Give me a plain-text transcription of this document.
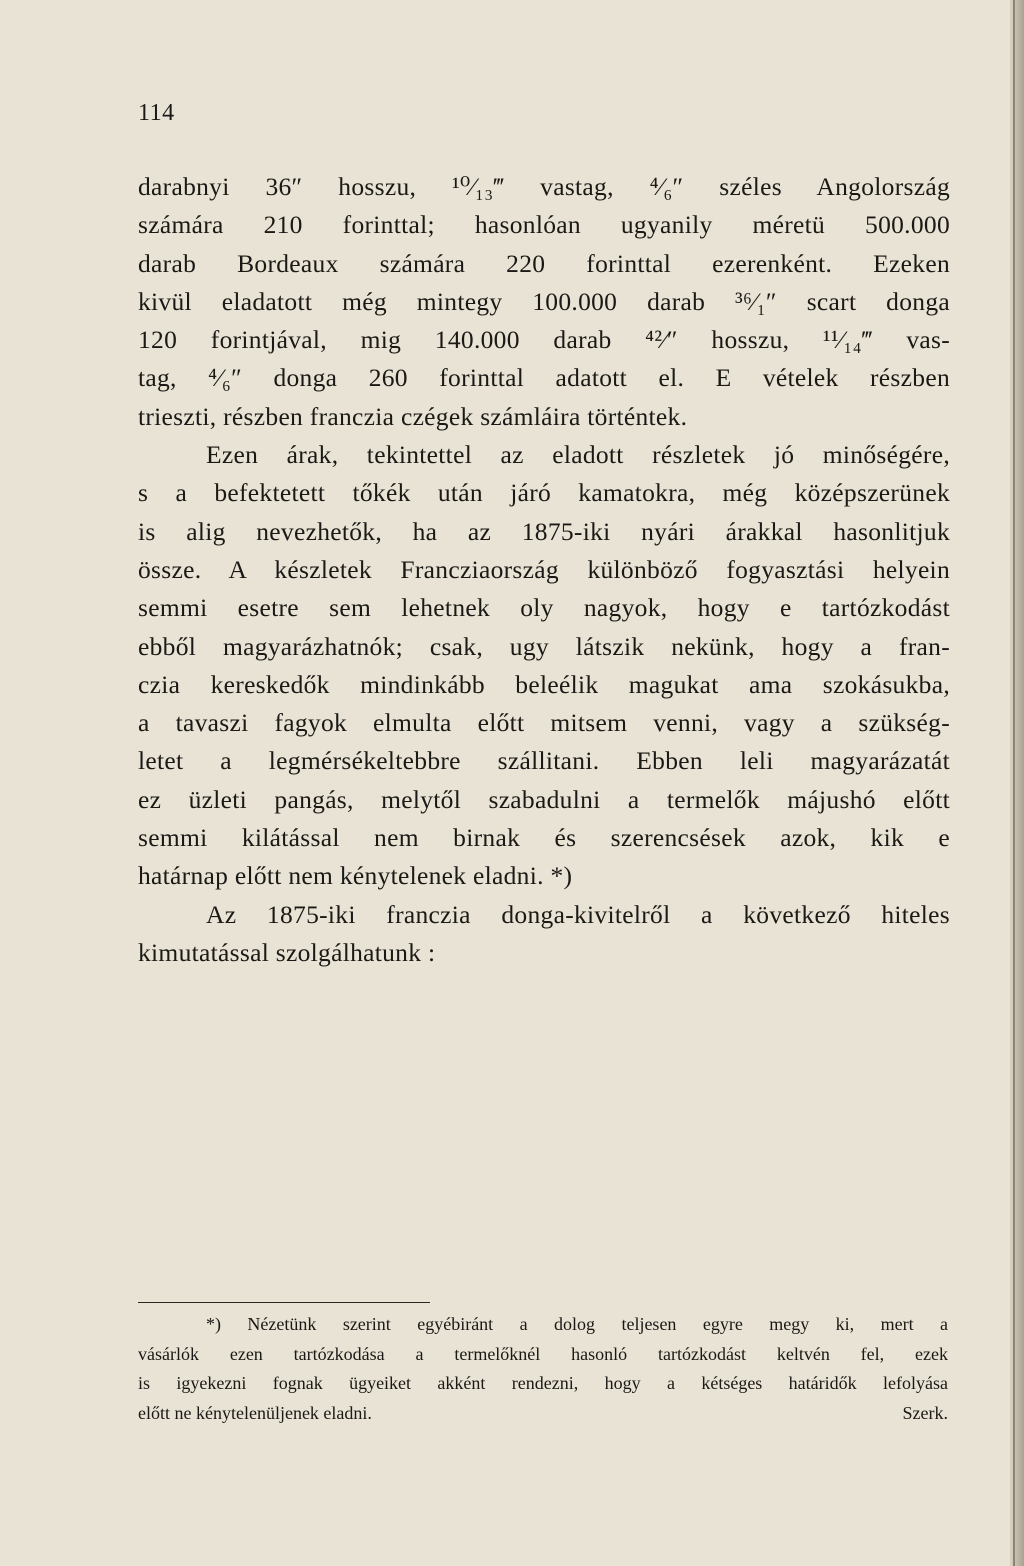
114
darabnyi 36″ hosszu, ¹⁰⁄₁₃‴ vastag, ⁴⁄₆″ széles Angolország
számára 210 forinttal; hasonlóan ugyanily méretü 500.000
darab Bordeaux számára 220 forinttal ezerenként. Ezeken
kivül eladatott még mintegy 100.000 darab ³⁶⁄₁″ scart donga
120 forintjával, mig 140.000 darab ⁴²⁄″ hosszu, ¹¹⁄₁₄‴ vas-
tag, ⁴⁄₆″ donga 260 forinttal adatott el. E vételek részben
trieszti, részben franczia czégek számláira történtek.
Ezen árak, tekintettel az eladott részletek jó minőségére,
s a befektetett tőkék után járó kamatokra, még középszerünek
is alig nevezhetők, ha az 1875-iki nyári árakkal hasonlitjuk
össze. A készletek Francziaország különböző fogyasztási helyein
semmi esetre sem lehetnek oly nagyok, hogy e tartózkodást
ebből magyarázhatnók; csak, ugy látszik nekünk, hogy a fran-
czia kereskedők mindinkább beleélik magukat ama szokásukba,
a tavaszi fagyok elmulta előtt mitsem venni, vagy a szükség-
letet a legmérsékeltebbre szállitani. Ebben leli magyarázatát
ez üzleti pangás, melytől szabadulni a termelők májushó előtt
semmi kilátással nem birnak és szerencsések azok, kik e
határnap előtt nem kénytelenek eladni. *)
Az 1875-iki franczia donga-kivitelről a következő hiteles
kimutatással szolgálhatunk :
*) Nézetünk szerint egyébiránt a dolog teljesen egyre megy ki, mert a
vásárlók ezen tartózkodása a termelőknél hasonló tartózkodást keltvén fel, ezek
is igyekezni fognak ügyeiket akként rendezni, hogy a kétséges határidők lefolyása
előtt ne kénytelenüljenek eladni.	Szerk.
